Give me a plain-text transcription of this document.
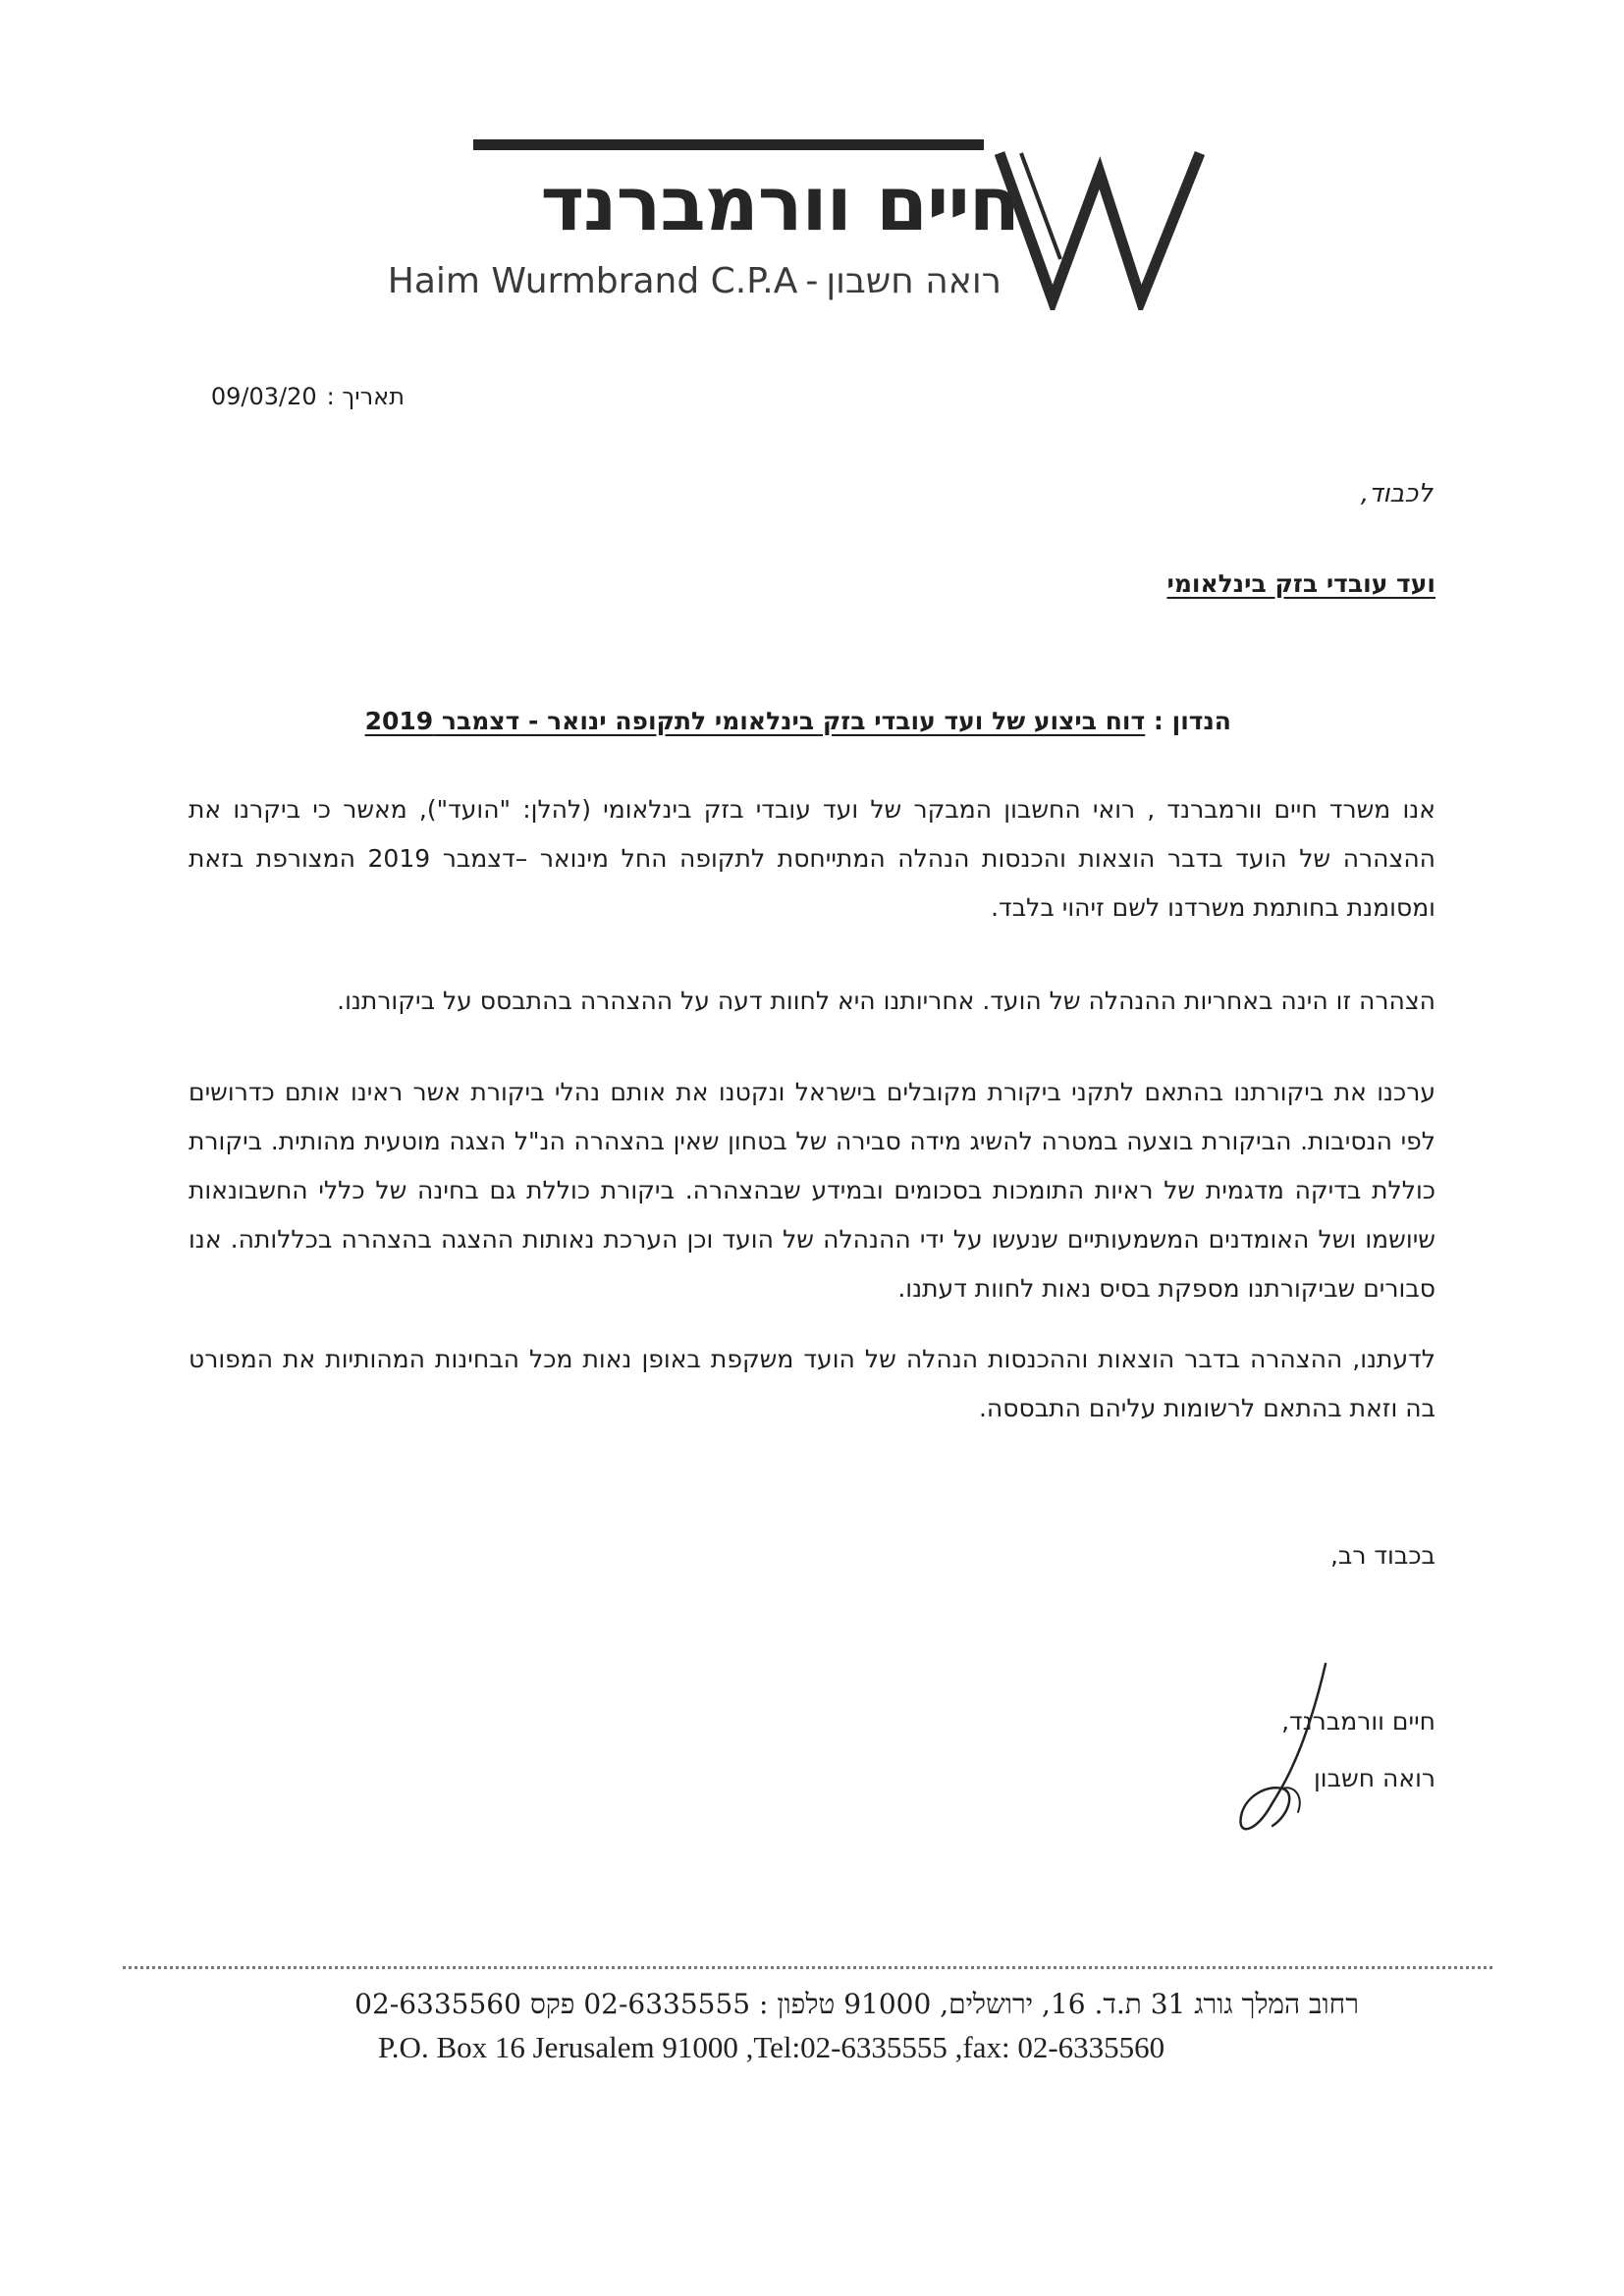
חיים וורמברנד
Haim Wurmbrand C.P.A - רואה חשבון
תאריך :09/03/20
לכבוד,
ועד עובדי בזק בינלאומי
הנדון : דוח ביצוע של ועד עובדי בזק בינלאומי לתקופה ינואר - דצמבר 2019

אנו משרד חיים וורמברנד , רואי החשבון המבקר של ועד עובדי בזק בינלאומי (להלן: "הועד"), מאשר כי ביקרנו את ההצהרה של הועד בדבר הוצאות והכנסות הנהלה המתייחסת לתקופה החל מינואר –דצמבר 2019 המצורפת בזאת ומסומנת בחותמת משרדנו לשם זיהוי בלבד.

הצהרה זו הינה באחריות ההנהלה של הועד. אחריותנו היא לחוות דעה על ההצהרה בהתבסס על ביקורתנו.

ערכנו את ביקורתנו בהתאם לתקני ביקורת מקובלים בישראל ונקטנו את אותם נהלי ביקורת אשר ראינו אותם כדרושים לפי הנסיבות. הביקורת בוצעה במטרה להשיג מידה סבירה של בטחון שאין בהצהרה הנ"ל הצגה מוטעית מהותית. ביקורת כוללת בדיקה מדגמית של ראיות התומכות בסכומים ובמידע שבהצהרה. ביקורת כוללת גם בחינה של כללי החשבונאות שיושמו ושל האומדנים המשמעותיים שנעשו על ידי ההנהלה של הועד וכן הערכת נאותות ההצגה בהצהרה בכללותה. אנו סבורים שביקורתנו מספקת בסיס נאות לחוות דעתנו.

לדעתנו, ההצהרה בדבר הוצאות וההכנסות הנהלה של הועד משקפת באופן נאות מכל הבחינות המהותיות את המפורט בה וזאת בהתאם לרשומות עליהם התבססה.

בכבוד רב,
חיים וורמברנד,
רואה חשבון
רחוב המלך גורג 31 ת.ד. 16, ירושלים, 91000 טלפון : 02-6335555 פקס 02-6335560
P.O. Box 16 Jerusalem 91000 ,Tel:02-6335555 ,fax: 02-6335560
